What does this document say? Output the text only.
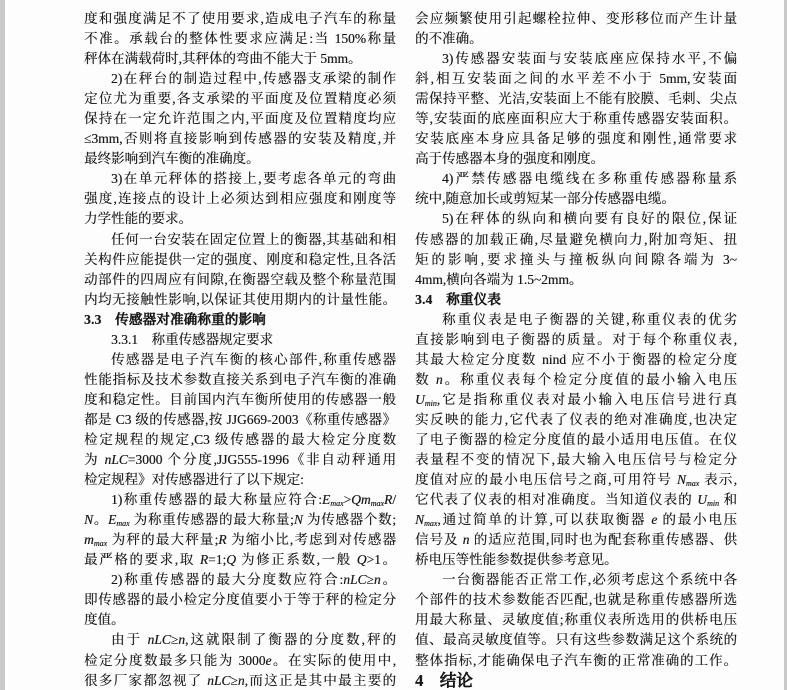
度和强度满足不了使用要求,造成电子汽车的称量
不准。承载台的整体性要求应满足:当 150%称量
秤体在满载荷时,其秤体的弯曲不能大于 5mm。
2)在秤台的制造过程中,传感器支承梁的制作
定位尤为重要,各支承梁的平面度及位置精度必须
保持在一定允许范围之内,平面度及位置精度均应
≤3mm,否则将直接影响到传感器的安装及精度,并
最终影响到汽车衡的准确度。
3)在单元秤体的搭接上,要考虑各单元的弯曲
强度,连接点的设计上必须达到相应强度和刚度等
力学性能的要求。
任何一台安装在固定位置上的衡器,其基础和相
关构件应能提供一定的强度、刚度和稳定性,且各活
动部件的四周应有间隙,在衡器空载及整个称量范围
内均无接触性影响,以保证其使用期内的计量性能。
3.3　传感器对准确称重的影响
3.3.1　称重传感器规定要求
传感器是电子汽车衡的核心部件,称重传感器
性能指标及技术参数直接关系到电子汽车衡的准确
度和稳定性。目前国内汽车衡所使用的传感器一般
都是 C3 级的传感器,按 JJG669-2003《称重传感器》
检定规程的规定,C3 级传感器的最大检定分度数
为 nLC=3000 个分度,JJG555-1996《非自动秤通用
检定规程》对传感器进行了以下规定:
1)称重传感器的最大称量应符合$:E_{max}>Qm_{max}R/$
N。$E_{max}$ 为称重传感器的最大称量;N 为传感器个数;
$m_{max}$ 为秤的最大秤量;R 为缩小比,考虑到对传感器
最严格的要求,取 R=1;Q 为修正系数,一般 Q>1。
2)称重传感器的最大分度数应符合:nLC≥n。
即传感器的最小检定分度值要小于等于秤的检定分
度值。
由于 nLC≥n,这就限制了衡器的分度数,秤的
检定分度数最多只能为 3000e。在实际的使用中,
很多厂家都忽视了 nLC≥n,而这正是其中最主要的
会应频繁使用引起螺栓拉伸、变形移位而产生计量
的不准确。
3)传感器安装面与安装底座应保持水平,不偏
斜,相互安装面之间的水平差不小于 5mm,安装面
需保持平整、光洁,安装面上不能有胶膜、毛刺、尖点
等,安装面的底座面积应大于称重传感器安装面积。
安装底座本身应具备足够的强度和刚性,通常要求
高于传感器本身的强度和刚度。
4)严禁传感器电缆线在多称重传感器称量系
统中,随意加长或剪短某一部分传感器电缆。
5)在秤体的纵向和横向要有良好的限位,保证
传感器的加载正确,尽量避免横向力,附加弯矩、扭
矩的影响,要求撞头与撞板纵向间隙各端为 3~
4mm,横向各端为 1.5~2mm。
3.4　称重仪表
称重仪表是电子衡器的关键,称重仪表的优劣
直接影响到电子衡器的质量。对于每个称重仪表,
其最大检定分度数 nind 应不小于衡器的检定分度
数 n。称重仪表每个检定分度值的最小输入电压
$U_{min}$,它是指称重仪表对最小输入电压信号进行真
实反映的能力,它代表了仪表的绝对准确度,也决定
了电子衡器的检定分度值的最小适用电压值。在仪
表量程不变的情况下,最大输入电压信号与检定分
度值对应的最小电压信号之商,可用符号 $N_{max}$ 表示,
它代表了仪表的相对准确度。当知道仪表的 $U_{min}$ 和
$N_{max}$,通过简单的计算,可以获取衡器 e 的最小电压
信号及 n 的适应范围,同时也为配套称重传感器、供
桥电压等性能参数提供参考意见。
一台衡器能否正常工作,必须考虑这个系统中各
个部件的技术参数能否匹配,也就是称重传感器所选
用最大称量、灵敏度值;称重仪表所选用的供桥电压
值、最高灵敏度值等。只有这些参数满足这个系统的
整体指标,才能确保电子汽车衡的正常准确的工作。
4　结论
